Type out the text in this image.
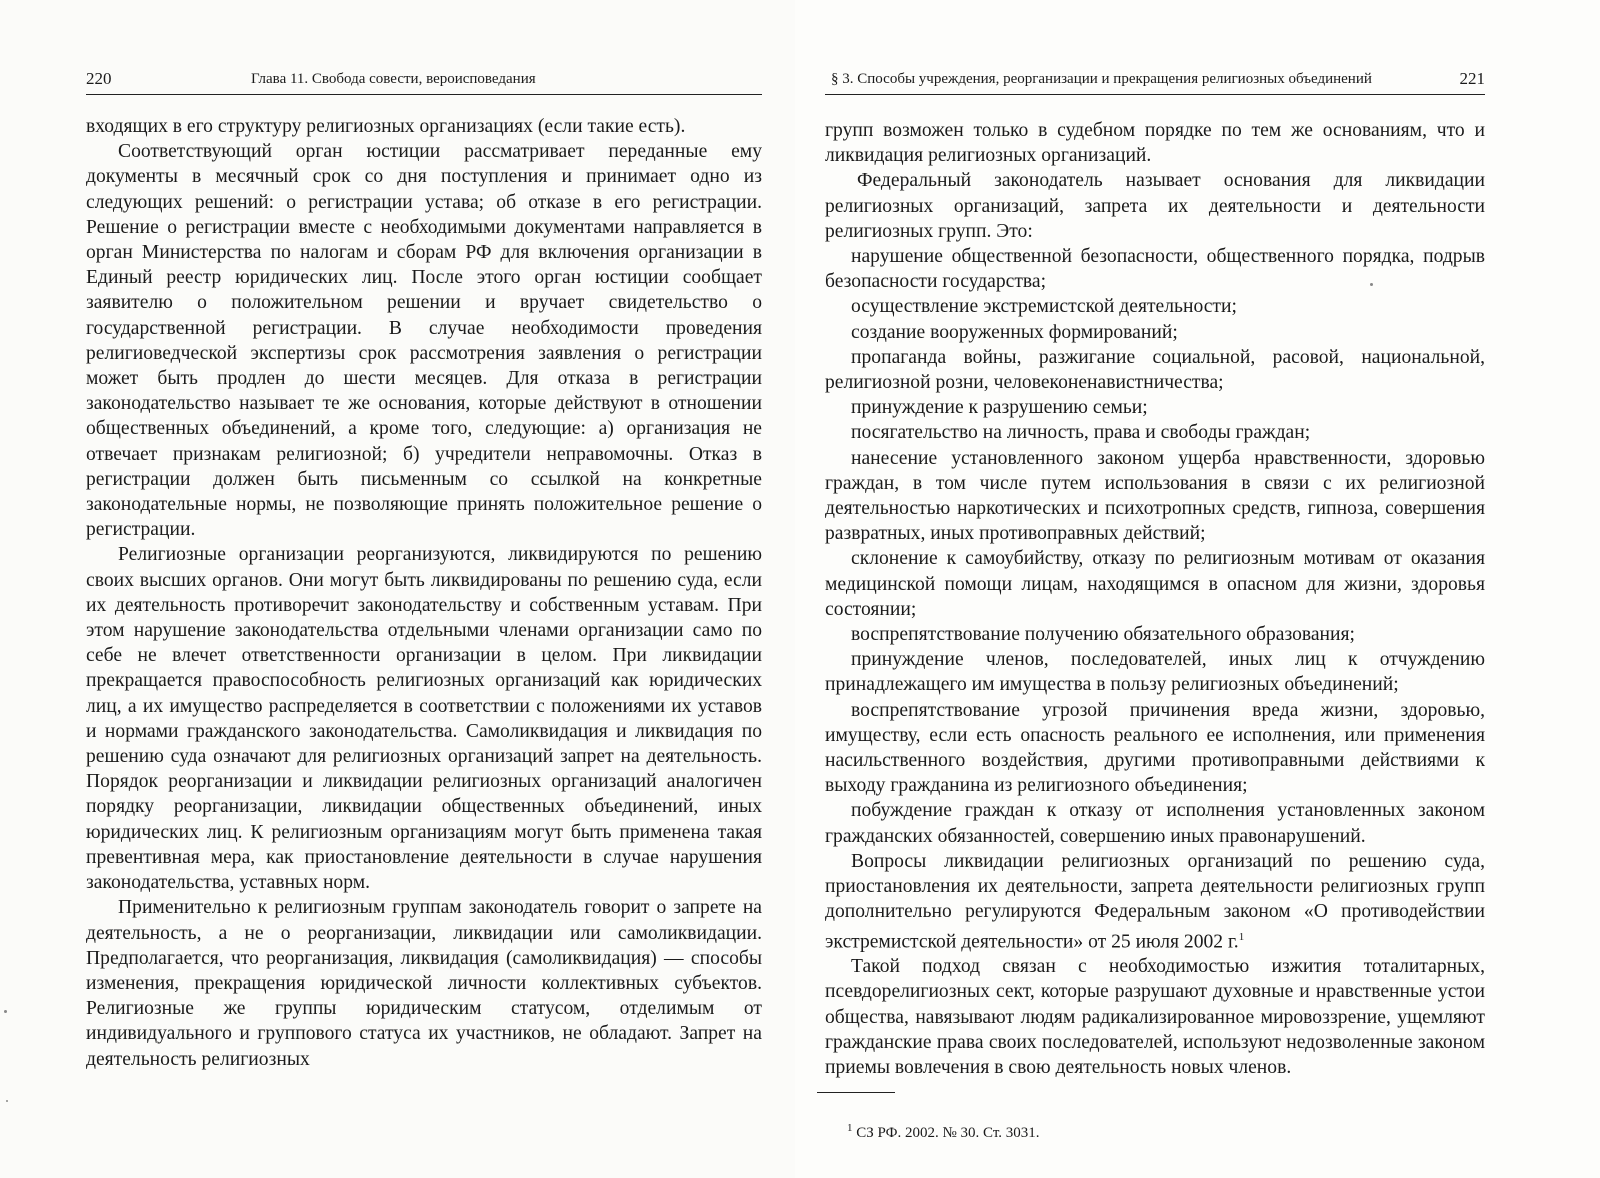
220	Глава 11. Свобода совести, вероисповедания

входящих в его структуру религиозных организациях (если такие есть).

Соответствующий орган юстиции рассматривает переданные ему документы в месячный срок со дня поступления и принимает одно из следующих решений: о регистрации устава; об отказе в его регистрации. Решение о регистрации вместе с необходимыми документами направляется в орган Министерства по налогам и сборам РФ для включения организации в Единый реестр юридических лиц. После этого орган юстиции сообщает заявителю о положительном решении и вручает свидетельство о государственной регистрации. В случае необходимости проведения религиоведческой экспертизы срок рассмотрения заявления о регистрации может быть продлен до шести месяцев. Для отказа в регистрации законодательство называет те же основания, которые действуют в отношении общественных объединений, а кроме того, следующие: а) организация не отвечает признакам религиозной; б) учредители неправомочны. Отказ в регистрации должен быть письменным со ссылкой на конкретные законодательные нормы, не позволяющие принять положительное решение о регистрации.

Религиозные организации реорганизуются, ликвидируются по решению своих высших органов. Они могут быть ликвидированы по решению суда, если их деятельность противоречит законодательству и собственным уставам. При этом нарушение законодательства отдельными членами организации само по себе не влечет ответственности организации в целом. При ликвидации прекращается правоспособность религиозных организаций как юридических лиц, а их имущество распределяется в соответствии с положениями их уставов и нормами гражданского законодательства. Самоликвидация и ликвидация по решению суда означают для религиозных организаций запрет на деятельность. Порядок реорганизации и ликвидации религиозных организаций аналогичен порядку реорганизации, ликвидации общественных объединений, иных юридических лиц. К религиозным организациям могут быть применена такая превентивная мера, как приостановление деятельности в случае нарушения законодательства, уставных норм.

Применительно к религиозным группам законодатель говорит о запрете на деятельность, а не о реорганизации, ликвидации или самоликвидации. Предполагается, что реорганизация, ликвидация (самоликвидация) — способы изменения, прекращения юридической личности коллективных субъектов. Религиозные же группы юридическим статусом, отделимым от индивидуального и группового статуса их участников, не обладают. Запрет на деятельность религиозных

§ 3. Способы учреждения, реорганизации и прекращения религиозных объединений	221

групп возможен только в судебном порядке по тем же основаниям, что и ликвидация религиозных организаций.

Федеральный законодатель называет основания для ликвидации религиозных организаций, запрета их деятельности и деятельности религиозных групп. Это:

нарушение общественной безопасности, общественного порядка, подрыв безопасности государства;

осуществление экстремистской деятельности;

создание вооруженных формирований;

пропаганда войны, разжигание социальной, расовой, национальной, религиозной розни, человеконенавистничества;

принуждение к разрушению семьи;

посягательство на личность, права и свободы граждан;

нанесение установленного законом ущерба нравственности, здоровью граждан, в том числе путем использования в связи с их религиозной деятельностью наркотических и психотропных средств, гипноза, совершения развратных, иных противоправных действий;

склонение к самоубийству, отказу по религиозным мотивам от оказания медицинской помощи лицам, находящимся в опасном для жизни, здоровья состоянии;

воспрепятствование получению обязательного образования;

принуждение членов, последователей, иных лиц к отчуждению принадлежащего им имущества в пользу религиозных объединений;

воспрепятствование угрозой причинения вреда жизни, здоровью, имуществу, если есть опасность реального ее исполнения, или применения насильственного воздействия, другими противоправными действиями к выходу гражданина из религиозного объединения;

побуждение граждан к отказу от исполнения установленных законом гражданских обязанностей, совершению иных правонарушений.

Вопросы ликвидации религиозных организаций по решению суда, приостановления их деятельности, запрета деятельности религиозных групп дополнительно регулируются Федеральным законом «О противодействии экстремистской деятельности» от 25 июля 2002 г.$^1$

Такой подход связан с необходимостью изжития тоталитарных, псевдорелигиозных сект, которые разрушают духовные и нравственные устои общества, навязывают людям радикализированное мировоззрение, ущемляют гражданские права своих последователей, используют недозволенные законом приемы вовлечения в свою деятельность новых членов.

$^1$ СЗ РФ. 2002. № 30. Ст. 3031.
